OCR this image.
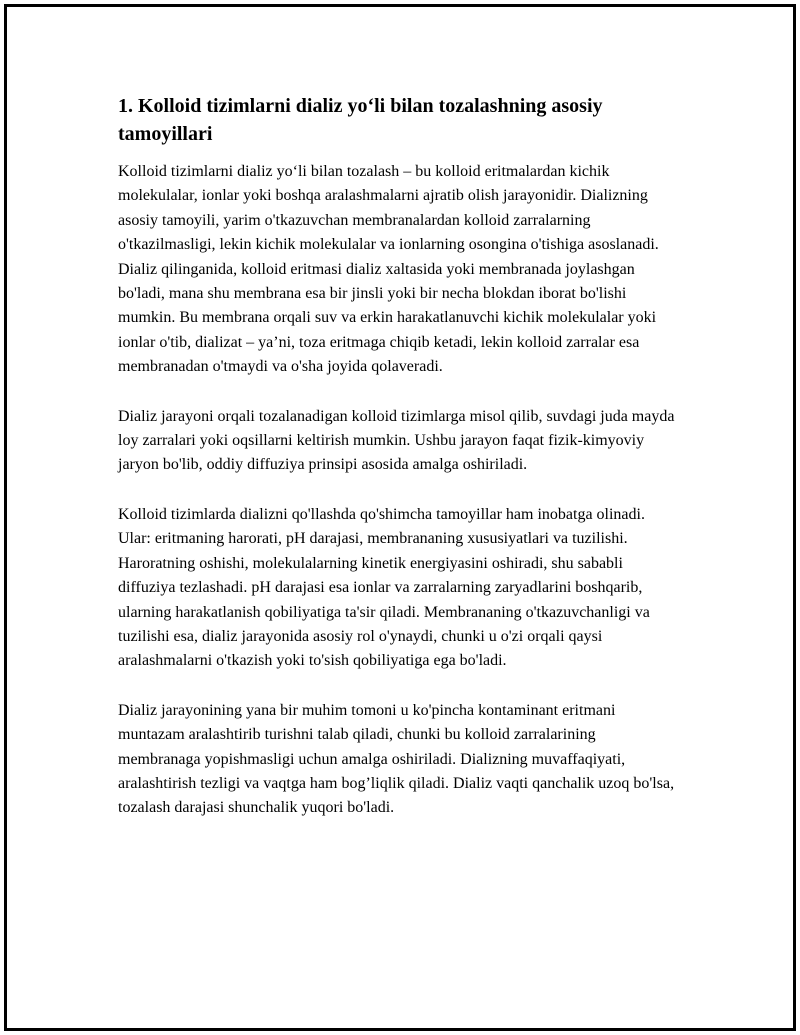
1. Kolloid tizimlarni dializ yo‘li bilan tozalashning asosiy tamoyillari

Kolloid tizimlarni dializ yo‘li bilan tozalash – bu kolloid eritmalardan kichik molekulalar, ionlar yoki boshqa aralashmalarni ajratib olish jarayonidir. Dializning asosiy tamoyili, yarim o'tkazuvchan membranalardan kolloid zarralarning o'tkazilmasligi, lekin kichik molekulalar va ionlarning osongina o'tishiga asoslanadi. Dializ qilinganida, kolloid eritmasi dializ xaltasida yoki membranada joylashgan bo'ladi, mana shu membrana esa bir jinsli yoki bir necha blokdan iborat bo'lishi mumkin. Bu membrana orqali suv va erkin harakatlanuvchi kichik molekulalar yoki ionlar o'tib, dializat – ya’ni, toza eritmaga chiqib ketadi, lekin kolloid zarralar esa membranadan o'tmaydi va o'sha joyida qolaveradi.

Dializ jarayoni orqali tozalanadigan kolloid tizimlarga misol qilib, suvdagi juda mayda loy zarralari yoki oqsillarni keltirish mumkin. Ushbu jarayon faqat fizik-kimyoviy jaryon bo'lib, oddiy diffuziya prinsipi asosida amalga oshiriladi.

Kolloid tizimlarda dializni qo'llashda qo'shimcha tamoyillar ham inobatga olinadi. Ular: eritmaning harorati, pH darajasi, membrananing xususiyatlari va tuzilishi. Haroratning oshishi, molekulalarning kinetik energiyasini oshiradi, shu sababli diffuziya tezlashadi. pH darajasi esa ionlar va zarralarning zaryadlarini boshqarib, ularning harakatlanish qobiliyatiga ta'sir qiladi. Membrananing o'tkazuvchanligi va tuzilishi esa, dializ jarayonida asosiy rol o'ynaydi, chunki u o'zi orqali qaysi aralashmalarni o'tkazish yoki to'sish qobiliyatiga ega bo'ladi.

Dializ jarayonining yana bir muhim tomoni u ko'pincha kontaminant eritmani muntazam aralashtirib turishni talab qiladi, chunki bu kolloid zarralarining membranaga yopishmasligi uchun amalga oshiriladi. Dializning muvaffaqiyati, aralashtirish tezligi va vaqtga ham bog’liqlik qiladi. Dializ vaqti qanchalik uzoq bo'lsa, tozalash darajasi shunchalik yuqori bo'ladi.
